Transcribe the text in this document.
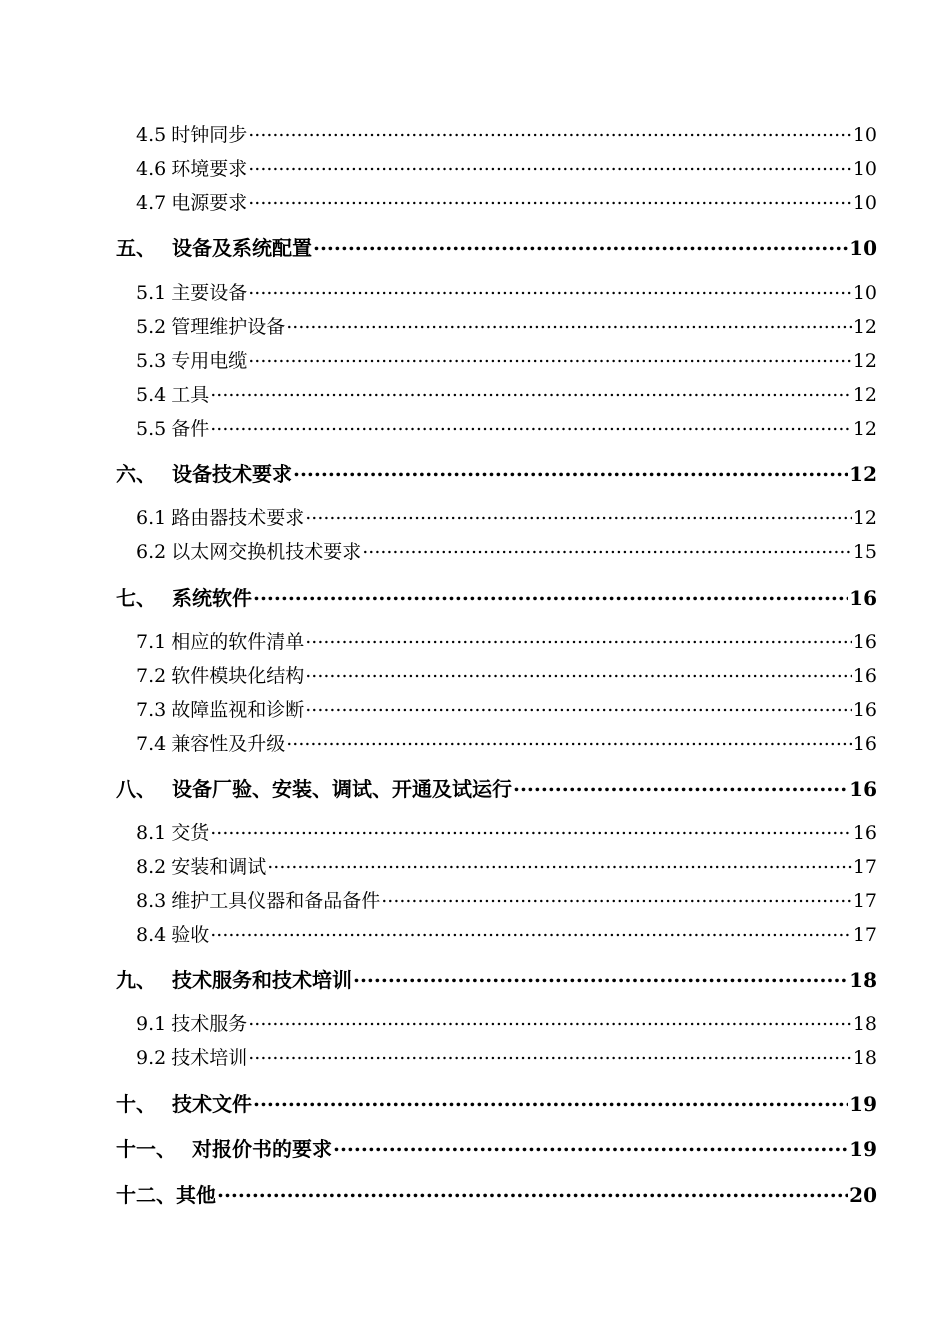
4.5 时钟同步 .....	10
4.6 环境要求 .....	10
4.7 电源要求 .....	10
五、 设备及系统配置 .....	10
5.1 主要设备 .....	10
5.2 管理维护设备 .....	12
5.3 专用电缆 .....	12
5.4 工具 .....	12
5.5 备件 .....	12
六、 设备技术要求 .....	12
6.1 路由器技术要求 .....	12
6.2 以太网交换机技术要求 .....	15
七、 系统软件 .....	16
7.1 相应的软件清单 .....	16
7.2 软件模块化结构 .....	16
7.3 故障监视和诊断 .....	16
7.4 兼容性及升级 .....	16
八、 设备厂验、安装、调试、开通及试运行 .....	16
8.1 交货 .....	16
8.2 安装和调试 .....	17
8.3 维护工具仪器和备品备件 .....	17
8.4 验收 .....	17
九、 技术服务和技术培训 .....	18
9.1 技术服务 .....	18
9.2 技术培训 .....	18
十、 技术文件 .....	19
十一、 对报价书的要求 .....	19
十二、其他 .....	20
